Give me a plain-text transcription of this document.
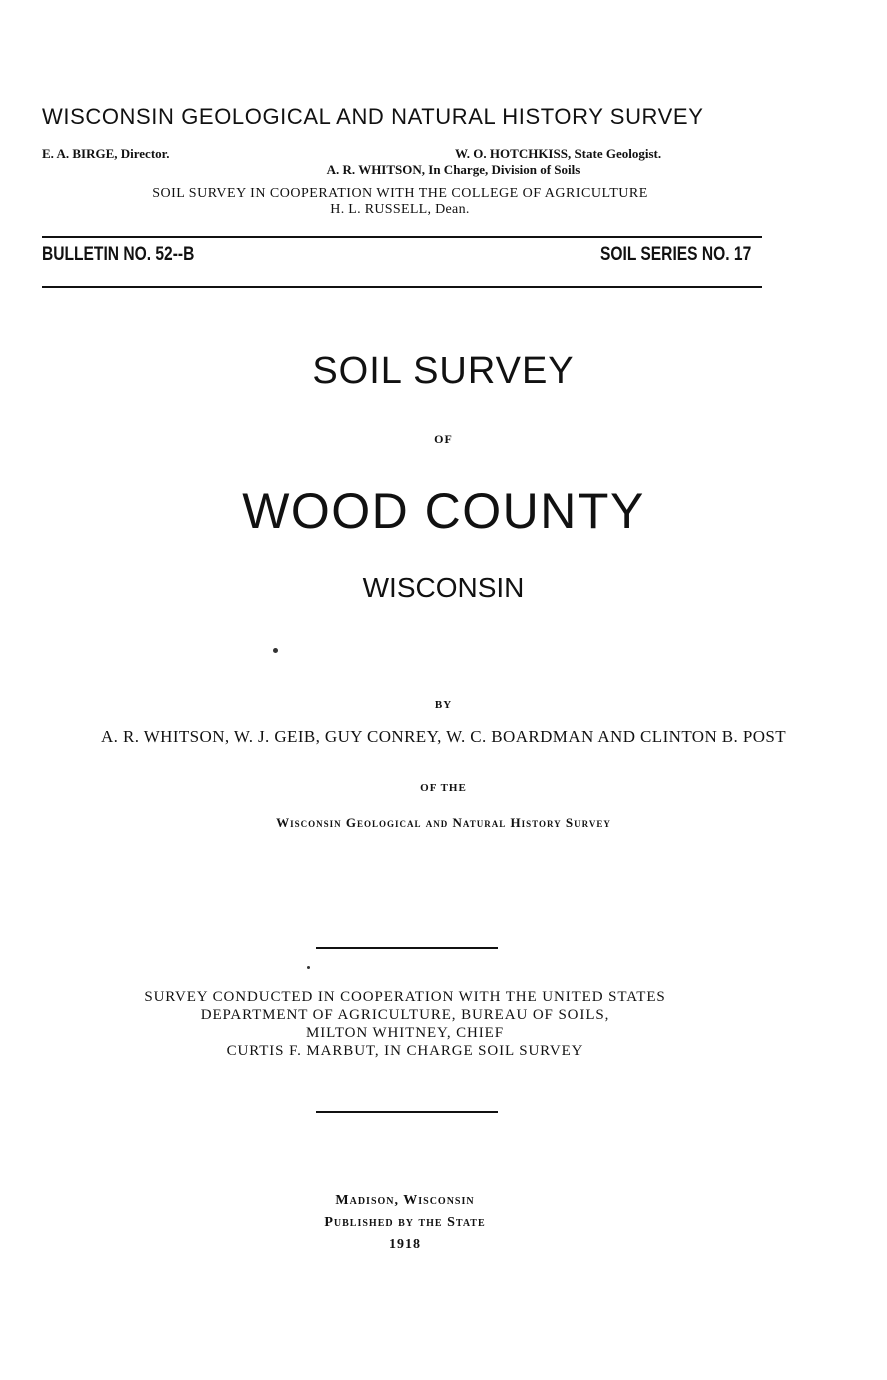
WISCONSIN GEOLOGICAL AND NATURAL HISTORY SURVEY
E. A. BIRGE, Director.	W. O. HOTCHKISS, State Geologist.
A. R. WHITSON, In Charge, Division of Soils
SOIL SURVEY IN COOPERATION WITH THE COLLEGE OF AGRICULTURE
H. L. RUSSELL, Dean.
BULLETIN NO. 52--B	SOIL SERIES NO. 17
SOIL SURVEY
OF
WOOD COUNTY
WISCONSIN
BY
A. R. WHITSON, W. J. GEIB, GUY CONREY, W. C. BOARDMAN AND CLINTON B. POST
OF THE
Wisconsin Geological and Natural History Survey
SURVEY CONDUCTED IN COOPERATION WITH THE UNITED STATES
DEPARTMENT OF AGRICULTURE, BUREAU OF SOILS,
MILTON WHITNEY, CHIEF
CURTIS F. MARBUT, IN CHARGE SOIL SURVEY
Madison, Wisconsin
Published by the State
1918
